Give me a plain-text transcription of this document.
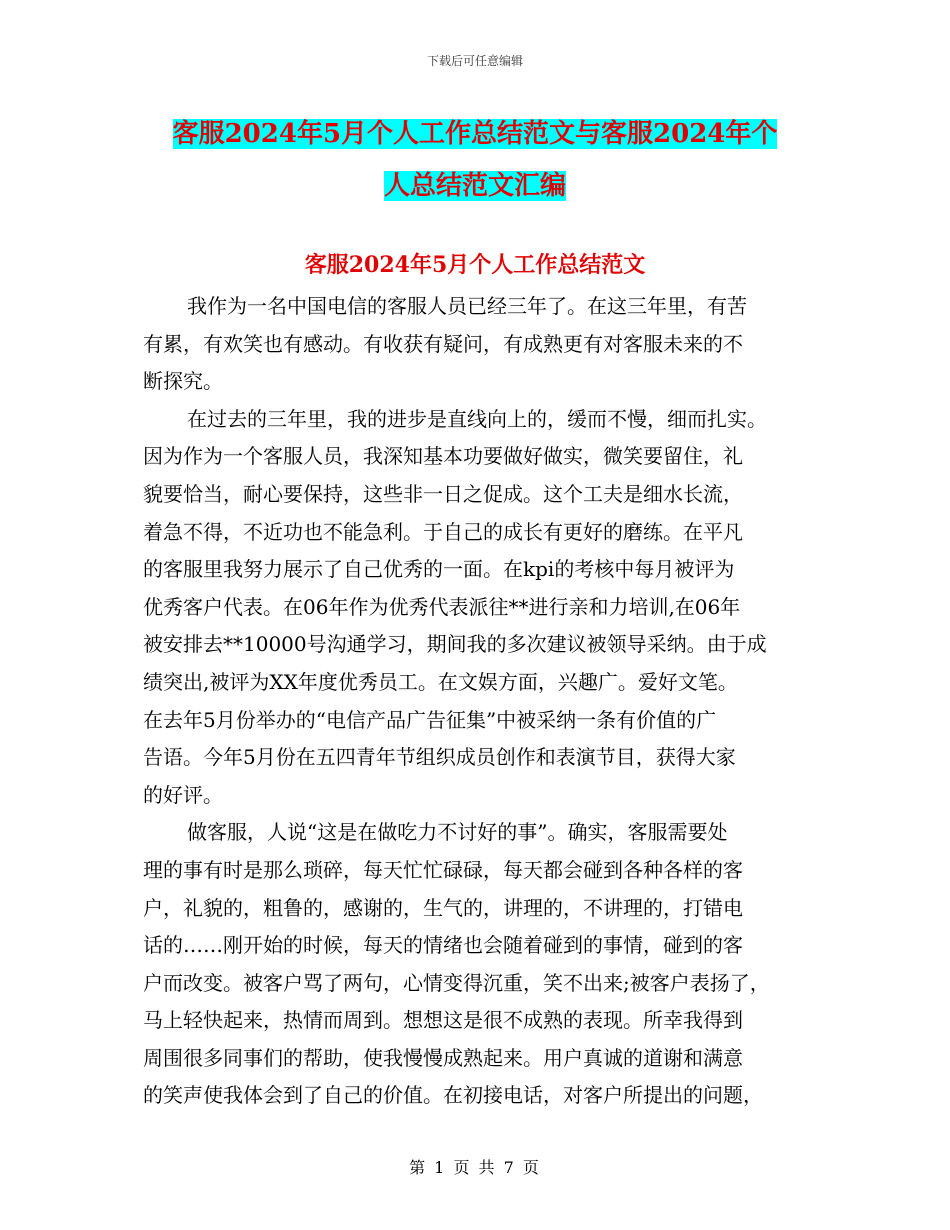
下载后可任意编辑
客服2024年5月个人工作总结范文与客服2024年个
人总结范文汇编
客服2024年5月个人工作总结范文
我作为一名中国电信的客服人员已经三年了。在这三年里，有苦
有累，有欢笑也有感动。有收获有疑问，有成熟更有对客服未来的不
断探究。
在过去的三年里，我的进步是直线向上的，缓而不慢，细而扎实。
因为作为一个客服人员，我深知基本功要做好做实，微笑要留住，礼
貌要恰当，耐心要保持，这些非一日之促成。这个工夫是细水长流，
着急不得，不近功也不能急利。于自己的成长有更好的磨练。在平凡
的客服里我努力展示了自己优秀的一面。在kpi的考核中每月被评为
优秀客户代表。在06年作为优秀代表派往**进行亲和力培训,在06年
被安排去**10000号沟通学习，期间我的多次建议被领导采纳。由于成
绩突出,被评为XX年度优秀员工。在文娱方面，兴趣广。爱好文笔。
在去年5月份举办的“电信产品广告征集”中被采纳一条有价值的广
告语。今年5月份在五四青年节组织成员创作和表演节目，获得大家
的好评。
做客服，人说“这是在做吃力不讨好的事”。确实，客服需要处
理的事有时是那么琐碎，每天忙忙碌碌，每天都会碰到各种各样的客
户，礼貌的，粗鲁的，感谢的，生气的，讲理的，不讲理的，打错电
话的……刚开始的时候，每天的情绪也会随着碰到的事情，碰到的客
户而改变。被客户骂了两句，心情变得沉重，笑不出来;被客户表扬了，
马上轻快起来，热情而周到。想想这是很不成熟的表现。所幸我得到
周围很多同事们的帮助，使我慢慢成熟起来。用户真诚的道谢和满意
的笑声使我体会到了自己的价值。在初接电话，对客户所提出的问题，
第 1 页 共 7 页
